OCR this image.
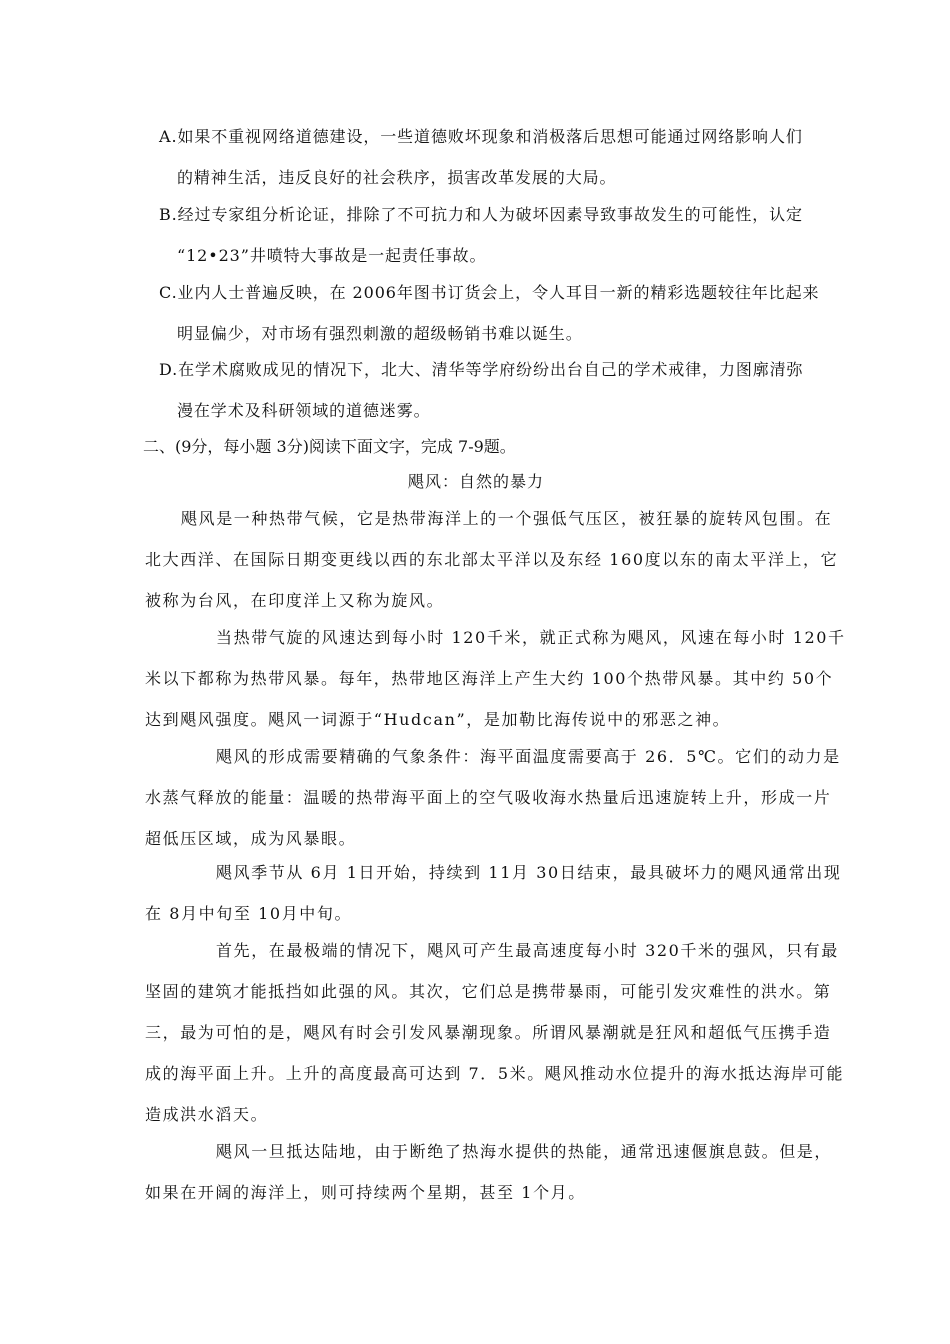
A.如果不重视网络道德建设，一些道德败坏现象和消极落后思想可能通过网络影响人们
的精神生活，违反良好的社会秩序，损害改革发展的大局。
B.经过专家组分析论证，排除了不可抗力和人为破坏因素导致事故发生的可能性，认定
“12•23”井喷特大事故是一起责任事故。
C.业内人士普遍反映，在 2006年图书订货会上，令人耳目一新的精彩选题较往年比起来
明显偏少，对市场有强烈刺激的超级畅销书难以诞生。
D.在学术腐败成见的情况下，北大、清华等学府纷纷出台自己的学术戒律，力图廓清弥
漫在学术及科研领域的道德迷雾。
二、(9分，每小题 3分)阅读下面文字，完成 7-9题。
飓风：自然的暴力
飓风是一种热带气候，它是热带海洋上的一个强低气压区，被狂暴的旋转风包围。在
北大西洋、在国际日期变更线以西的东北部太平洋以及东经 160度以东的南太平洋上，它
被称为台风，在印度洋上又称为旋风。
当热带气旋的风速达到每小时 120千米，就正式称为飓风，风速在每小时 120千
米以下都称为热带风暴。每年，热带地区海洋上产生大约 100个热带风暴。其中约 50个
达到飓风强度。飓风一词源于“Hudcan”，是加勒比海传说中的邪恶之神。
飓风的形成需要精确的气象条件：海平面温度需要高于 26．5℃。它们的动力是
水蒸气释放的能量：温暖的热带海平面上的空气吸收海水热量后迅速旋转上升，形成一片
超低压区域，成为风暴眼。
飓风季节从 6月 1日开始，持续到 11月 30日结束，最具破坏力的飓风通常出现
在 8月中旬至 10月中旬。
首先，在最极端的情况下，飓风可产生最高速度每小时 320千米的强风，只有最
坚固的建筑才能抵挡如此强的风。其次，它们总是携带暴雨，可能引发灾难性的洪水。第
三，最为可怕的是，飓风有时会引发风暴潮现象。所谓风暴潮就是狂风和超低气压携手造
成的海平面上升。上升的高度最高可达到 7．5米。飓风推动水位提升的海水抵达海岸可能
造成洪水滔天。
飓风一旦抵达陆地，由于断绝了热海水提供的热能，通常迅速偃旗息鼓。但是，
如果在开阔的海洋上，则可持续两个星期，甚至 1个月。
